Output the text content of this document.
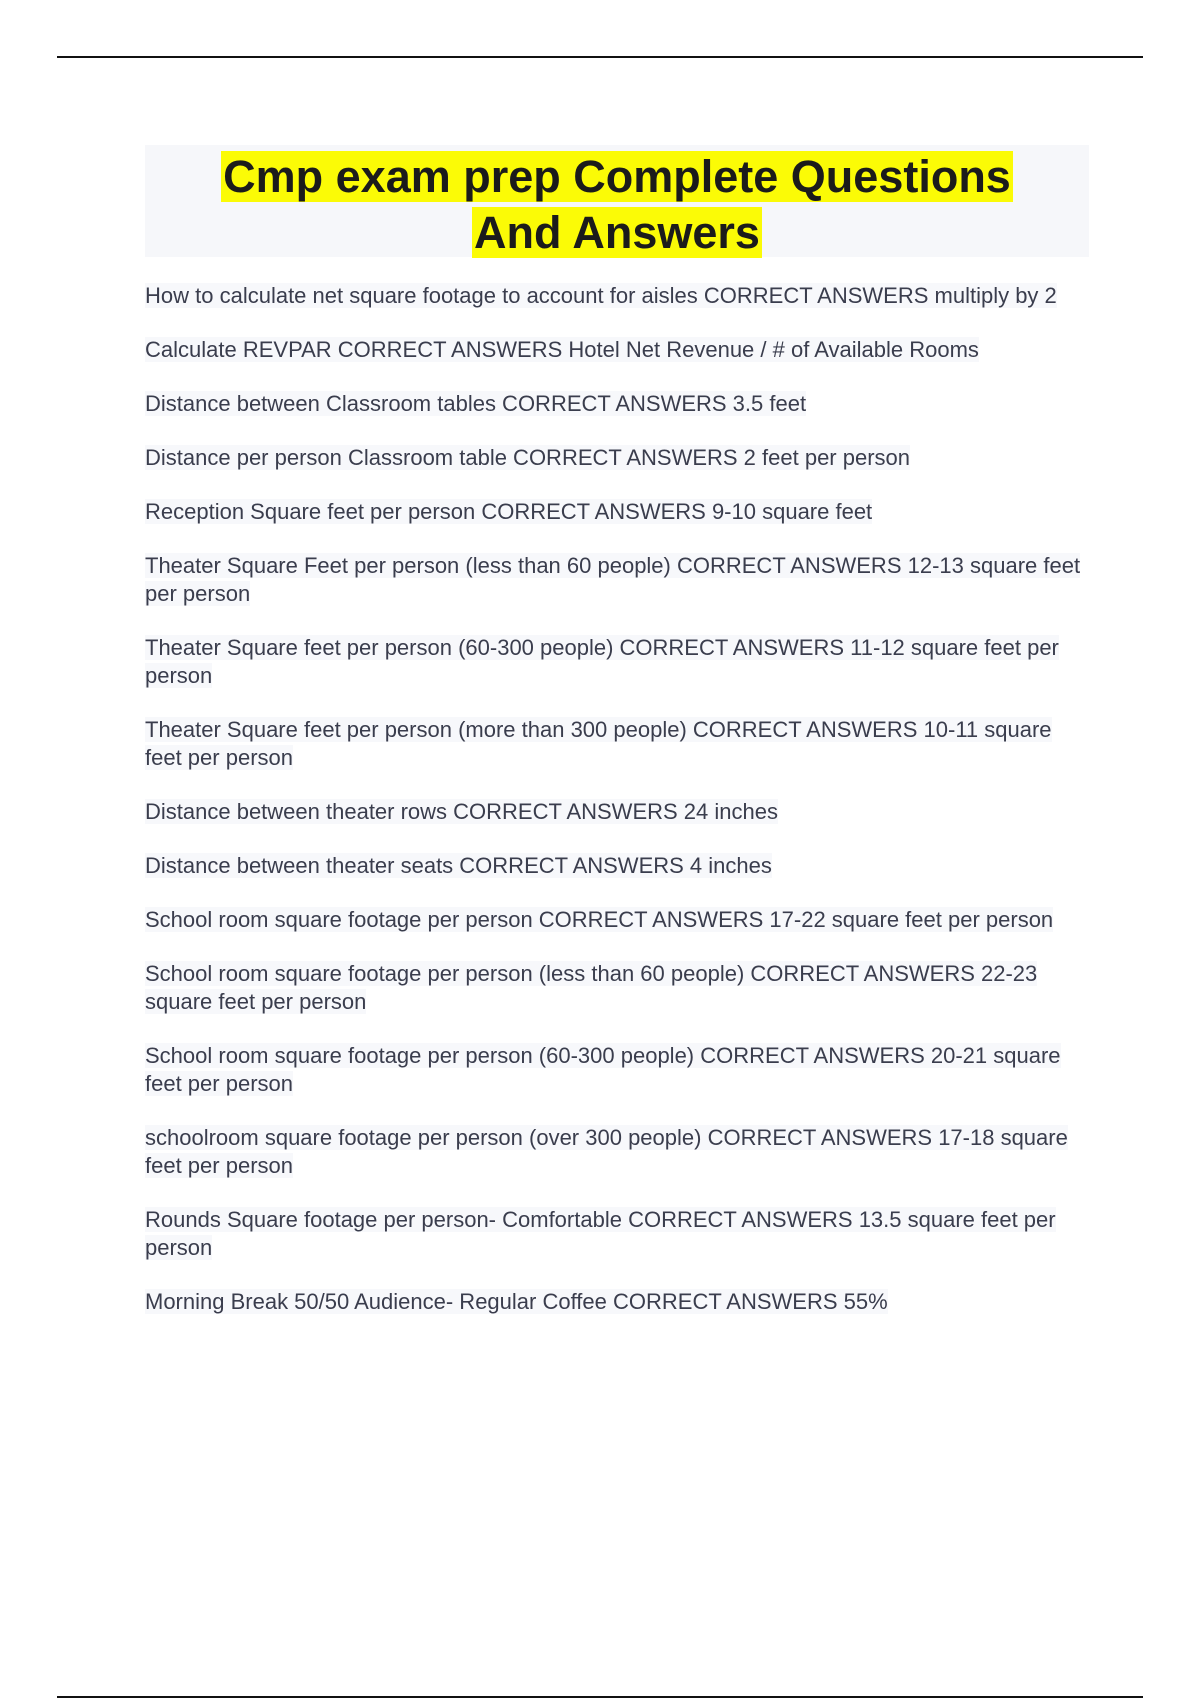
Cmp exam prep Complete Questions
And Answers
How to calculate net square footage to account for aisles CORRECT ANSWERS multiply by 2
Calculate REVPAR CORRECT ANSWERS Hotel Net Revenue / # of Available Rooms
Distance between Classroom tables CORRECT ANSWERS 3.5 feet
Distance per person Classroom table CORRECT ANSWERS 2 feet per person
Reception Square feet per person CORRECT ANSWERS 9-10 square feet
Theater Square Feet per person (less than 60 people) CORRECT ANSWERS 12-13 square feet per person
Theater Square feet per person (60-300 people) CORRECT ANSWERS 11-12 square feet per person
Theater Square feet per person (more than 300 people) CORRECT ANSWERS 10-11 square feet per person
Distance between theater rows CORRECT ANSWERS 24 inches
Distance between theater seats CORRECT ANSWERS 4 inches
School room square footage per person CORRECT ANSWERS 17-22 square feet per person
School room square footage per person (less than 60 people) CORRECT ANSWERS 22-23 square feet per person
School room square footage per person (60-300 people) CORRECT ANSWERS 20-21 square feet per person
schoolroom square footage per person (over 300 people) CORRECT ANSWERS 17-18 square feet per person
Rounds Square footage per person- Comfortable CORRECT ANSWERS 13.5 square feet per person
Morning Break 50/50 Audience- Regular Coffee CORRECT ANSWERS 55%
